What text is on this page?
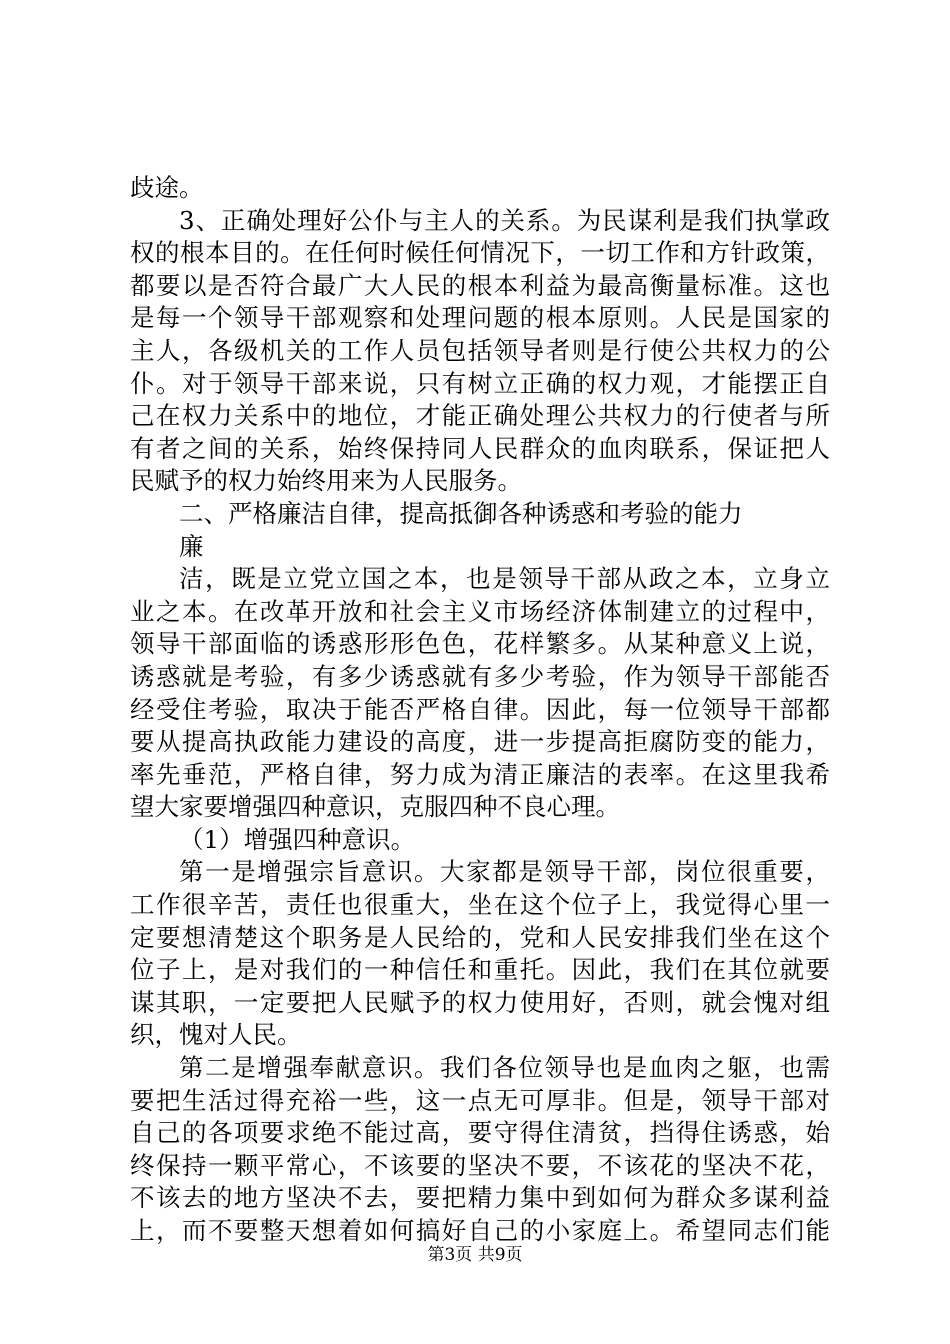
歧途。
3、正确处理好公仆与主人的关系。为民谋利是我们执掌政
权的根本目的。在任何时候任何情况下，一切工作和方针政策，
都要以是否符合最广大人民的根本利益为最高衡量标准。这也
是每一个领导干部观察和处理问题的根本原则。人民是国家的
主人，各级机关的工作人员包括领导者则是行使公共权力的公
仆。对于领导干部来说，只有树立正确的权力观，才能摆正自
己在权力关系中的地位，才能正确处理公共权力的行使者与所
有者之间的关系，始终保持同人民群众的血肉联系，保证把人
民赋予的权力始终用来为人民服务。
二、严格廉洁自律，提高抵御各种诱惑和考验的能力
廉
洁，既是立党立国之本，也是领导干部从政之本，立身立
业之本。在改革开放和社会主义市场经济体制建立的过程中，
领导干部面临的诱惑形形色色，花样繁多。从某种意义上说，
诱惑就是考验，有多少诱惑就有多少考验，作为领导干部能否
经受住考验，取决于能否严格自律。因此，每一位领导干部都
要从提高执政能力建设的高度，进一步提高拒腐防变的能力，
率先垂范，严格自律，努力成为清正廉洁的表率。在这里我希
望大家要增强四种意识，克服四种不良心理。
（1）增强四种意识。
第一是增强宗旨意识。大家都是领导干部，岗位很重要，
工作很辛苦，责任也很重大，坐在这个位子上，我觉得心里一
定要想清楚这个职务是人民给的，党和人民安排我们坐在这个
位子上，是对我们的一种信任和重托。因此，我们在其位就要
谋其职，一定要把人民赋予的权力使用好，否则，就会愧对组
织，愧对人民。
第二是增强奉献意识。我们各位领导也是血肉之躯，也需
要把生活过得充裕一些，这一点无可厚非。但是，领导干部对
自己的各项要求绝不能过高，要守得住清贫，挡得住诱惑，始
终保持一颗平常心，不该要的坚决不要，不该花的坚决不花，
不该去的地方坚决不去，要把精力集中到如何为群众多谋利益
上，而不要整天想着如何搞好自己的小家庭上。希望同志们能
第3页 共9页
